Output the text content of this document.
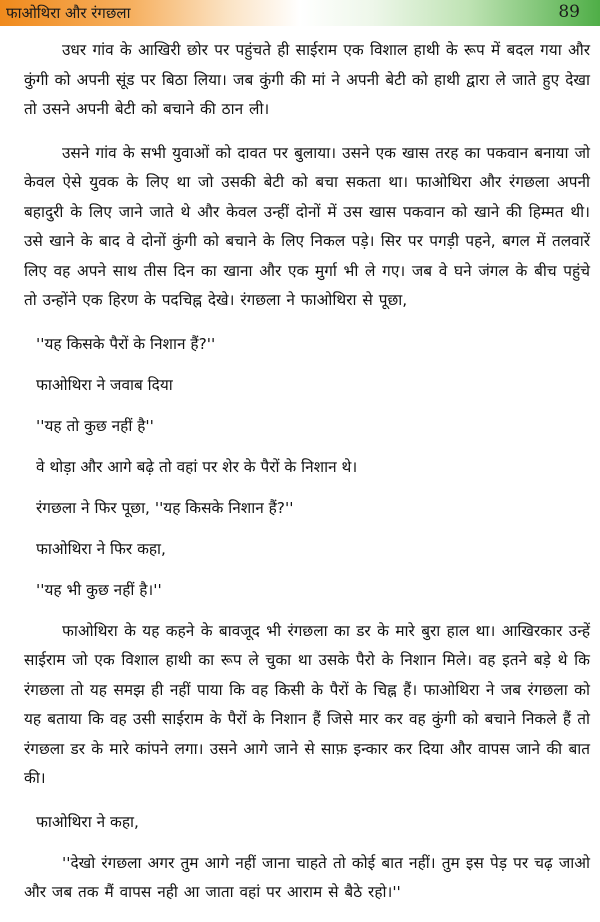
फाओथिरा और रंगछला	89

उधर गांव के आखिरी छोर पर पहुंचते ही साईराम एक विशाल हाथी के रूप में बदल गया और कुंगी को अपनी सूंड पर बिठा लिया। जब कुंगी की मां ने अपनी बेटी को हाथी द्वारा ले जाते हुए देखा तो उसने अपनी बेटी को बचाने की ठान ली।

उसने गांव के सभी युवाओं को दावत पर बुलाया। उसने एक खास तरह का पकवान बनाया जो केवल ऐसे युवक के लिए था जो उसकी बेटी को बचा सकता था। फाओथिरा और रंगछला अपनी बहादुरी के लिए जाने जाते थे और केवल उन्हीं दोनों में उस खास पकवान को खाने की हिम्मत थी। उसे खाने के बाद वे दोनों कुंगी को बचाने के लिए निकल पड़े। सिर पर पगड़ी पहने, बगल में तलवारें लिए वह अपने साथ तीस दिन का खाना और एक मुर्गा भी ले गए। जब वे घने जंगल के बीच पहुंचे तो उन्होंने एक हिरण के पदचिह्न देखे। रंगछला ने फाओथिरा से पूछा,

''यह किसके पैरों के निशान हैं?''

फाओथिरा ने जवाब दिया

''यह तो कुछ नहीं है''

वे थोड़ा और आगे बढ़े तो वहां पर शेर के पैरों के निशान थे।

रंगछला ने फिर पूछा, ''यह किसके निशान हैं?''

फाओथिरा ने फिर कहा,

''यह भी कुछ नहीं है।''

फाओथिरा के यह कहने के बावजूद भी रंगछला का डर के मारे बुरा हाल था। आखिरकार उन्हें साईराम जो एक विशाल हाथी का रूप ले चुका था उसके पैरो के निशान मिले। वह इतने बड़े थे कि रंगछला तो यह समझ ही नहीं पाया कि वह किसी के पैरों के चिह्न हैं। फाओथिरा ने जब रंगछला को यह बताया कि वह उसी साईराम के पैरों के निशान हैं जिसे मार कर वह कुंगी को बचाने निकले हैं तो रंगछला डर के मारे कांपने लगा। उसने आगे जाने से साफ़ इन्कार कर दिया और वापस जाने की बात की।

फाओथिरा ने कहा,

''देखो रंगछला अगर तुम आगे नहीं जाना चाहते तो कोई बात नहीं। तुम इस पेड़ पर चढ़ जाओ और जब तक मैं वापस नही आ जाता वहां पर आराम से बैठे रहो।''
